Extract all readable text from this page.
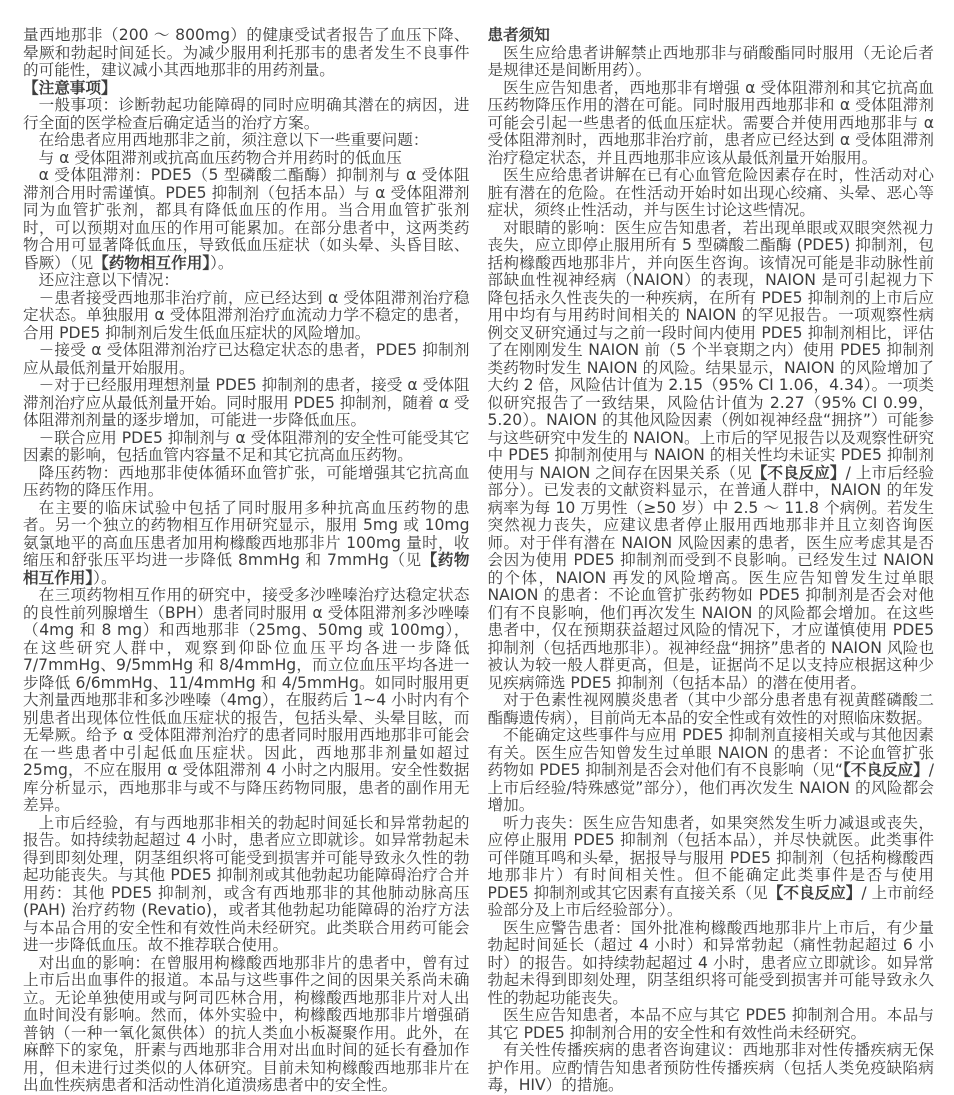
量西地那非（200 ～ 800mg）的健康受试者报告了血压下降、晕厥和勃起时间延长。为减少服用利托那韦的患者发生不良事件的可能性，建议减小其西地那非的用药剂量。

【注意事项】

一般事项：诊断勃起功能障碍的同时应明确其潜在的病因，进行全面的医学检查后确定适当的治疗方案。

在给患者应用西地那非之前，须注意以下一些重要问题：

与 α 受体阻滞剂或抗高血压药物合并用药时的低血压

α 受体阻滞剂：PDE5（5 型磷酸二酯酶）抑制剂与 α 受体阻滞剂合用时需谨慎。PDE5 抑制剂（包括本品）与 α 受体阻滞剂同为血管扩张剂，都具有降低血压的作用。当合用血管扩张剂时，可以预期对血压的作用可能累加。在部分患者中，这两类药物合用可显著降低血压，导致低血压症状（如头晕、头昏目眩、昏厥）（见【药物相互作用】）。

还应注意以下情况：

－患者接受西地那非治疗前，应已经达到 α 受体阻滞剂治疗稳定状态。单独服用 α 受体阻滞剂治疗血流动力学不稳定的患者，合用 PDE5 抑制剂后发生低血压症状的风险增加。

－接受 α 受体阻滞剂治疗已达稳定状态的患者，PDE5 抑制剂应从最低剂量开始服用。

－对于已经服用理想剂量 PDE5 抑制剂的患者，接受 α 受体阻滞剂治疗应从最低剂量开始。同时服用 PDE5 抑制剂，随着 α 受体阻滞剂剂量的逐步增加，可能进一步降低血压。

－联合应用 PDE5 抑制剂与 α 受体阻滞剂的安全性可能受其它因素的影响，包括血管内容量不足和其它抗高血压药物。

降压药物：西地那非使体循环血管扩张，可能增强其它抗高血压药物的降压作用。

在主要的临床试验中包括了同时服用多种抗高血压药物的患者。另一个独立的药物相互作用研究显示，服用 5mg 或 10mg 氨氯地平的高血压患者加用枸橼酸西地那非片 100mg 量时，收缩压和舒张压平均进一步降低 8mmHg 和 7mmHg（见【药物相互作用】）。

在三项药物相互作用的研究中，接受多沙唑嗪治疗达稳定状态的良性前列腺增生（BPH）患者同时服用 α 受体阻滞剂多沙唑嗪（4mg 和 8 mg）和西地那非（25mg、50mg 或 100mg），在这些研究人群中，观察到仰卧位血压平均各进一步降低 7/7mmHg、9/5mmHg 和 8/4mmHg，而立位血压平均各进一步降低 6/6mmHg、11/4mmHg 和 4/5mmHg。如同时服用更大剂量西地那非和多沙唑嗪（4mg），在服药后 1~4 小时内有个别患者出现体位性低血压症状的报告，包括头晕、头晕目眩，而无晕厥。给予 α 受体阻滞剂治疗的患者同时服用西地那非可能会在一些患者中引起低血压症状。因此，西地那非剂量如超过 25mg，不应在服用 α 受体阻滞剂 4 小时之内服用。安全性数据库分析显示，西地那非与或不与降压药物同服，患者的副作用无差异。

上市后经验，有与西地那非相关的勃起时间延长和异常勃起的报告。如持续勃起超过 4 小时，患者应立即就诊。如异常勃起未得到即刻处理，阴茎组织将可能受到损害并可能导致永久性的勃起功能丧失。与其他 PDE5 抑制剂或其他勃起功能障碍治疗合并用药：其他 PDE5 抑制剂，或含有西地那非的其他肺动脉高压 (PAH) 治疗药物 (Revatio)，或者其他勃起功能障碍的治疗方法与本品合用的安全性和有效性尚未经研究。此类联合用药可能会进一步降低血压。故不推荐联合使用。

对出血的影响：在曾服用枸橼酸西地那非片的患者中，曾有过上市后出血事件的报道。本品与这些事件之间的因果关系尚未确立。无论单独使用或与阿司匹林合用，枸橼酸西地那非片对人出血时间没有影响。然而，体外实验中，枸橼酸西地那非片增强硝普钠（一种一氧化氮供体）的抗人类血小板凝聚作用。此外，在麻醉下的家兔，肝素与西地那非合用对出血时间的延长有叠加作用，但未进行过类似的人体研究。目前未知枸橼酸西地那非片在出血性疾病患者和活动性消化道溃疡患者中的安全性。

患者须知

医生应给患者讲解禁止西地那非与硝酸酯同时服用（无论后者是规律还是间断用药）。

医生应告知患者，西地那非有增强 α 受体阻滞剂和其它抗高血压药物降压作用的潜在可能。同时服用西地那非和 α 受体阻滞剂可能会引起一些患者的低血压症状。需要合并使用西地那非与 α 受体阻滞剂时，西地那非治疗前，患者应已经达到 α 受体阻滞剂治疗稳定状态，并且西地那非应该从最低剂量开始服用。

医生应给患者讲解在已有心血管危险因素存在时，性活动对心脏有潜在的危险。在性活动开始时如出现心绞痛、头晕、恶心等症状，须终止性活动，并与医生讨论这些情况。

对眼睛的影响：医生应告知患者，若出现单眼或双眼突然视力丧失，应立即停止服用所有 5 型磷酸二酯酶 (PDE5) 抑制剂，包括枸橼酸西地那非片，并向医生咨询。该情况可能是非动脉性前部缺血性视神经病（NAION）的表现，NAION 是可引起视力下降包括永久性丧失的一种疾病，在所有 PDE5 抑制剂的上市后应用中均有与用药时间相关的 NAION 的罕见报告。一项观察性病例交叉研究通过与之前一段时间内使用 PDE5 抑制剂相比，评估了在刚刚发生 NAION 前（5 个半衰期之内）使用 PDE5 抑制剂类药物时发生 NAION 的风险。结果显示，NAION 的风险增加了大约 2 倍，风险估计值为 2.15（95% CI 1.06，4.34）。一项类似研究报告了一致结果，风险估计值为 2.27（95% CI 0.99，5.20）。NAION 的其他风险因素（例如视神经盘“拥挤”）可能参与这些研究中发生的 NAION。上市后的罕见报告以及观察性研究中 PDE5 抑制剂使用与 NAION 的相关性均未证实 PDE5 抑制剂使用与 NAION 之间存在因果关系（见【不良反应】/ 上市后经验部分）。已发表的文献资料显示，在普通人群中，NAION 的年发病率为每 10 万男性（≥50 岁）中 2.5 ～ 11.8 个病例。若发生突然视力丧失，应建议患者停止服用西地那非并且立刻咨询医师。对于伴有潜在 NAION 风险因素的患者，医生应考虑其是否会因为使用 PDE5 抑制剂而受到不良影响。已经发生过 NAION 的个体，NAION 再发的风险增高。医生应告知曾发生过单眼 NAION 的患者：不论血管扩张药物如 PDE5 抑制剂是否会对他们有不良影响，他们再次发生 NAION 的风险都会增加。在这些患者中，仅在预期获益超过风险的情况下，才应谨慎使用 PDE5 抑制剂（包括西地那非）。视神经盘“拥挤”患者的 NAION 风险也被认为较一般人群更高，但是，证据尚不足以支持应根据这种少见疾病筛选 PDE5 抑制剂（包括本品）的潜在使用者。

对于色素性视网膜炎患者（其中少部分患者患有视黄醛磷酸二酯酶遗传病），目前尚无本品的安全性或有效性的对照临床数据。

不能确定这些事件与应用 PDE5 抑制剂直接相关或与其他因素有关。医生应告知曾发生过单眼 NAION 的患者：不论血管扩张药物如 PDE5 抑制剂是否会对他们有不良影响（见“【不良反应】/ 上市后经验/特殊感觉”部分），他们再次发生 NAION 的风险都会增加。

听力丧失：医生应告知患者，如果突然发生听力减退或丧失，应停止服用 PDE5 抑制剂（包括本品），并尽快就医。此类事件可伴随耳鸣和头晕，据报导与服用 PDE5 抑制剂（包括枸橼酸西地那非片）有时间相关性。但不能确定此类事件是否与使用 PDE5 抑制剂或其它因素有直接关系（见【不良反应】/ 上市前经验部分及上市后经验部分）。

医生应警告患者：国外批准枸橼酸西地那非片上市后，有少量勃起时间延长（超过 4 小时）和异常勃起（痛性勃起超过 6 小时）的报告。如持续勃起超过 4 小时，患者应立即就诊。如异常勃起未得到即刻处理，阴茎组织将可能受到损害并可能导致永久性的勃起功能丧失。

医生应告知患者，本品不应与其它 PDE5 抑制剂合用。本品与其它 PDE5 抑制剂合用的安全性和有效性尚未经研究。

有关性传播疾病的患者咨询建议：西地那非对性传播疾病无保护作用。应酌情告知患者预防性传播疾病（包括人类免疫缺陷病毒，HIV）的措施。
